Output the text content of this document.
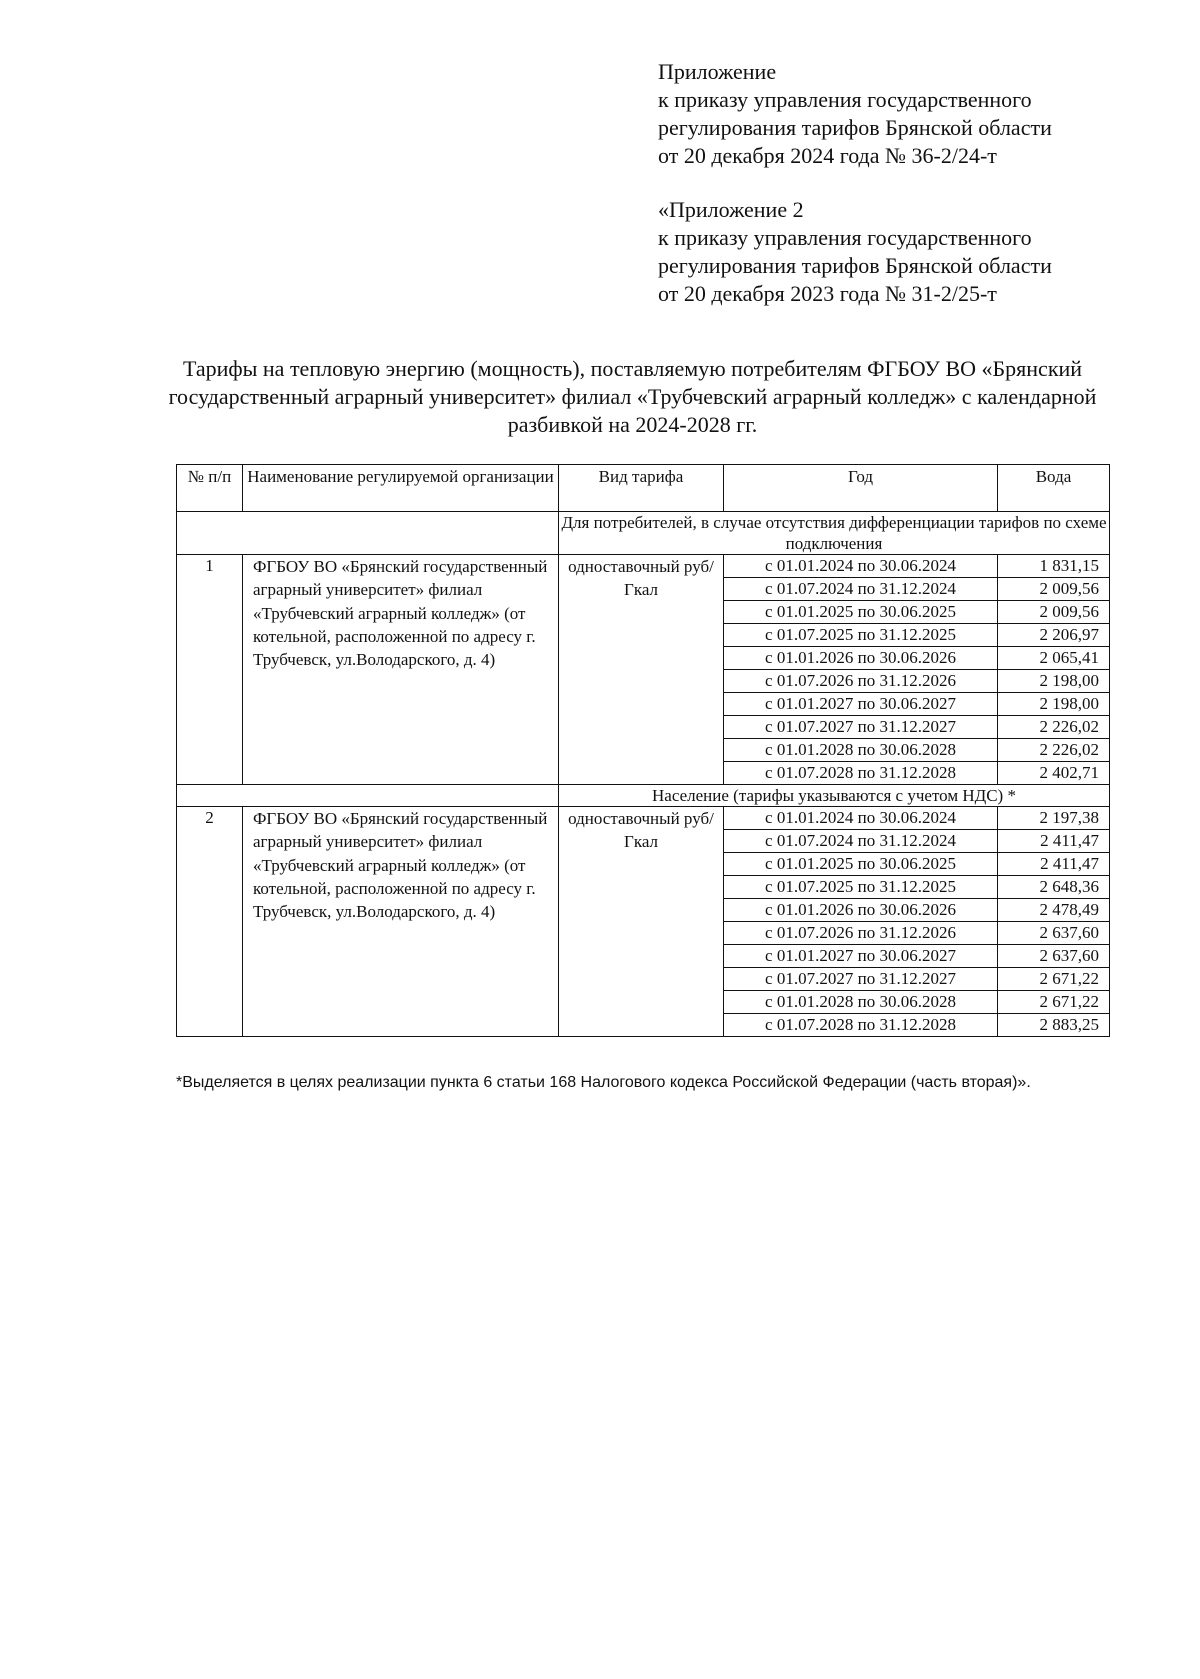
Приложение
к приказу управления государственного
регулирования тарифов Брянской области
от 20 декабря 2024 года № 36-2/24-т
«Приложение 2
к приказу управления государственного
регулирования тарифов Брянской области
от 20 декабря 2023 года № 31-2/25-т
Тарифы на тепловую энергию (мощность), поставляемую потребителям ФГБОУ ВО «Брянский государственный аграрный университет» филиал «Трубчевский аграрный колледж» с календарной разбивкой на 2024-2028 гг.
№ п/п	Наименование регулируемой организации	Вид тарифа	Год	Вода
		Для потребителей, в случае отсутствия дифференциации тарифов по схеме подключения		
1	ФГБОУ ВО «Брянский государственный аграрный университет» филиал «Трубчевский аграрный колледж» (от котельной, расположенной по адресу г. Трубчевск, ул.Володарского, д. 4)	одноставочный руб/Гкал	с 01.01.2024 по 30.06.2024	1 831,15
			с 01.07.2024 по 31.12.2024	2 009,56
			с 01.01.2025 по 30.06.2025	2 009,56
			с 01.07.2025 по 31.12.2025	2 206,97
			с 01.01.2026 по 30.06.2026	2 065,41
			с 01.07.2026 по 31.12.2026	2 198,00
			с 01.01.2027 по 30.06.2027	2 198,00
			с 01.07.2027 по 31.12.2027	2 226,02
			с 01.01.2028 по 30.06.2028	2 226,02
			с 01.07.2028 по 31.12.2028	2 402,71
		Население (тарифы указываются с учетом НДС) *		
2	ФГБОУ ВО «Брянский государственный аграрный университет» филиал «Трубчевский аграрный колледж» (от котельной, расположенной по адресу г. Трубчевск, ул.Володарского, д. 4)	одноставочный руб/Гкал	с 01.01.2024 по 30.06.2024	2 197,38
			с 01.07.2024 по 31.12.2024	2 411,47
			с 01.01.2025 по 30.06.2025	2 411,47
			с 01.07.2025 по 31.12.2025	2 648,36
			с 01.01.2026 по 30.06.2026	2 478,49
			с 01.07.2026 по 31.12.2026	2 637,60
			с 01.01.2027 по 30.06.2027	2 637,60
			с 01.07.2027 по 31.12.2027	2 671,22
			с 01.01.2028 по 30.06.2028	2 671,22
			с 01.07.2028 по 31.12.2028	2 883,25
*Выделяется в целях реализации пункта 6 статьи 168 Налогового кодекса Российской Федерации (часть вторая)».
